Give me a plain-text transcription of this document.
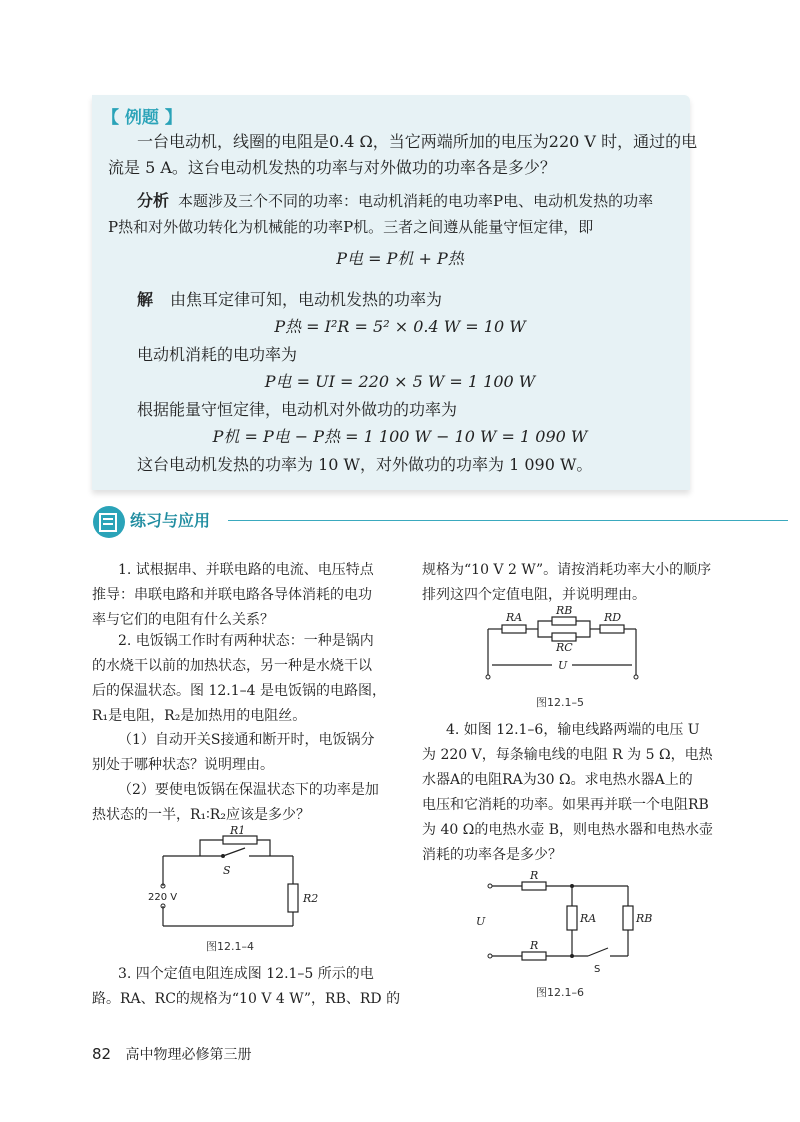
【 例题 】
一台电动机，线圈的电阻是0.4 Ω，当它两端所加的电压为220 V 时，通过的电
流是 5 A。这台电动机发热的功率与对外做功的功率各是多少？
分析 本题涉及三个不同的功率：电动机消耗的电功率P电、电动机发热的功率
P热和对外做功转化为机械能的功率P机。三者之间遵从能量守恒定律，即
P电 = P机 + P热
解 由焦耳定律可知，电动机发热的功率为
P热 = I²R = 5² × 0.4 W = 10 W
电动机消耗的电功率为
P电 = UI = 220 × 5 W = 1 100 W
根据能量守恒定律，电动机对外做功的功率为
P机 = P电 − P热 = 1 100 W − 10 W = 1 090 W
这台电动机发热的功率为 10 W，对外做功的功率为 1 090 W。
练习与应用
1. 试根据串、并联电路的电流、电压特点
推导：串联电路和并联电路各导体消耗的电功
率与它们的电阻有什么关系？
2. 电饭锅工作时有两种状态：一种是锅内
的水烧干以前的加热状态，另一种是水烧干以
后的保温状态。图 12.1–4 是电饭锅的电路图，
R₁是电阻，R₂是加热用的电阻丝。
（1）自动开关S接通和断开时，电饭锅分
别处于哪种状态？说明理由。
（2）要使电饭锅在保温状态下的功率是加
热状态的一半，R₁∶R₂应该是多少？
R1
R2
S
220 V
图12.1–4
3. 四个定值电阻连成图 12.1–5 所示的电
路。RA、RC的规格为“10 V 4 W”，RB、RD 的
规格为“10 V 2 W”。请按消耗功率大小的顺序
排列这四个定值电阻，并说明理由。
RA
RB
RC
RD
U
图12.1–5
4. 如图 12.1–6，输电线路两端的电压 U
为 220 V，每条输电线的电阻 R 为 5 Ω，电热
水器A的电阻RA为30 Ω。求电热水器A上的
电压和它消耗的功率。如果再并联一个电阻RB
为 40 Ω的电热水壶 B，则电热水器和电热水壶
消耗的功率各是多少？
R
R
RA	RB
U
S
图12.1–6
82 高中物理必修第三册
